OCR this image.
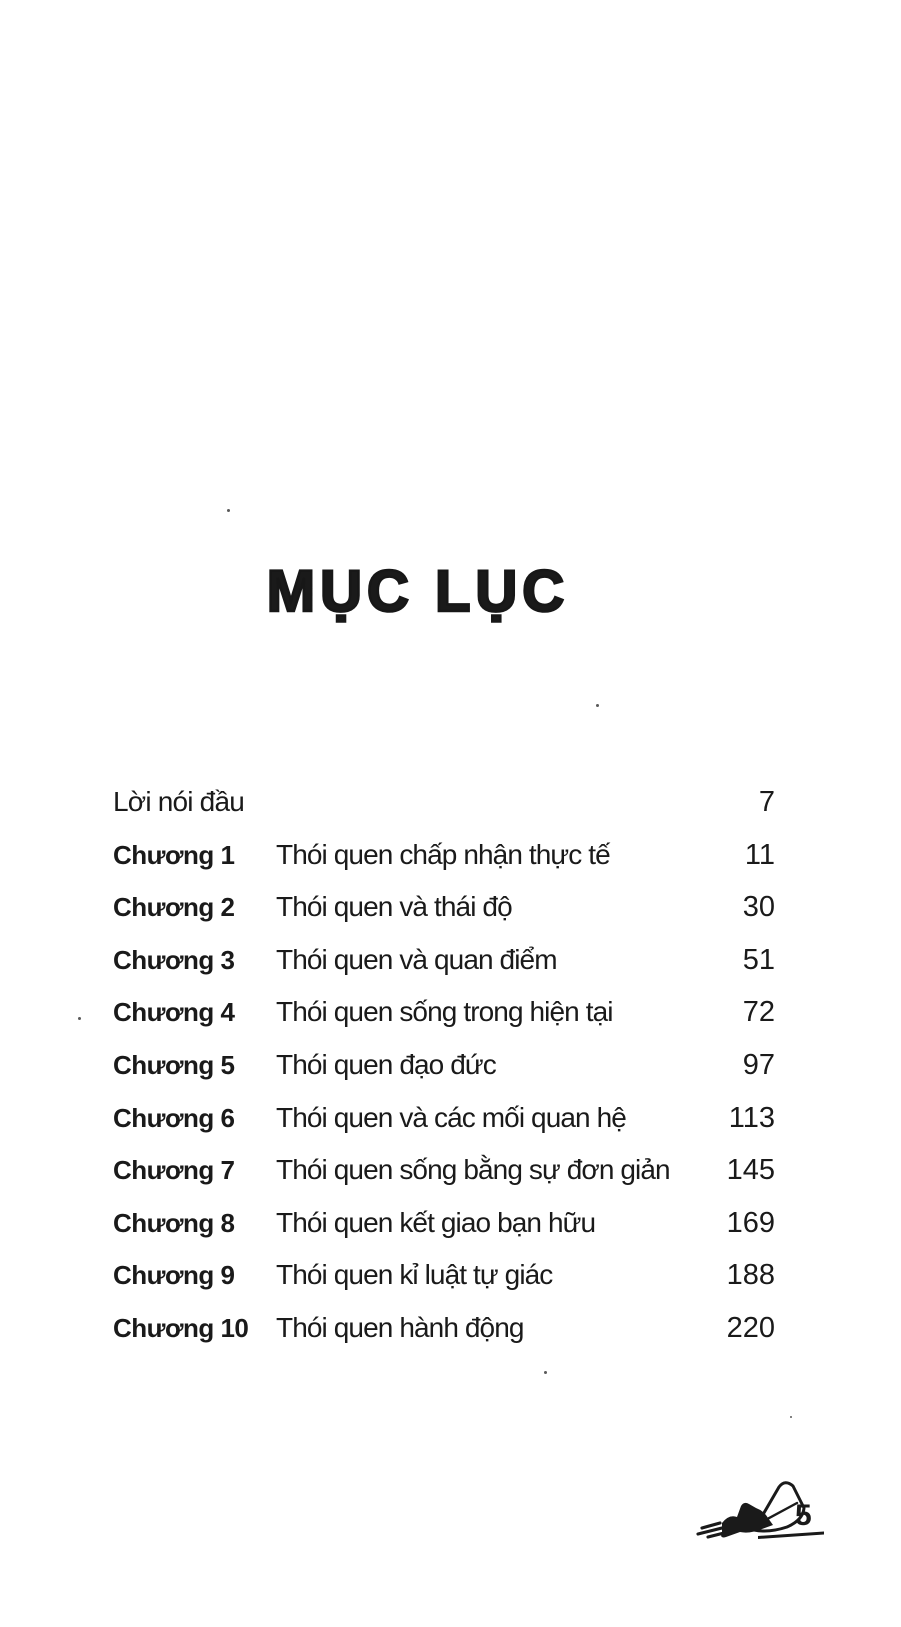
MỤC LỤC
Lời nói đầu	7
Chương 1	Thói quen chấp nhận thực tế	11
Chương 2	Thói quen và thái độ	30
Chương 3	Thói quen và quan điểm	51
Chương 4	Thói quen sống trong hiện tại	72
Chương 5	Thói quen đạo đức	97
Chương 6	Thói quen và các mối quan hệ	113
Chương 7	Thói quen sống bằng sự đơn giản	145
Chương 8	Thói quen kết giao bạn hữu	169
Chương 9	Thói quen kỉ luật tự giác	188
Chương 10 Thói quen hành động	220
5
